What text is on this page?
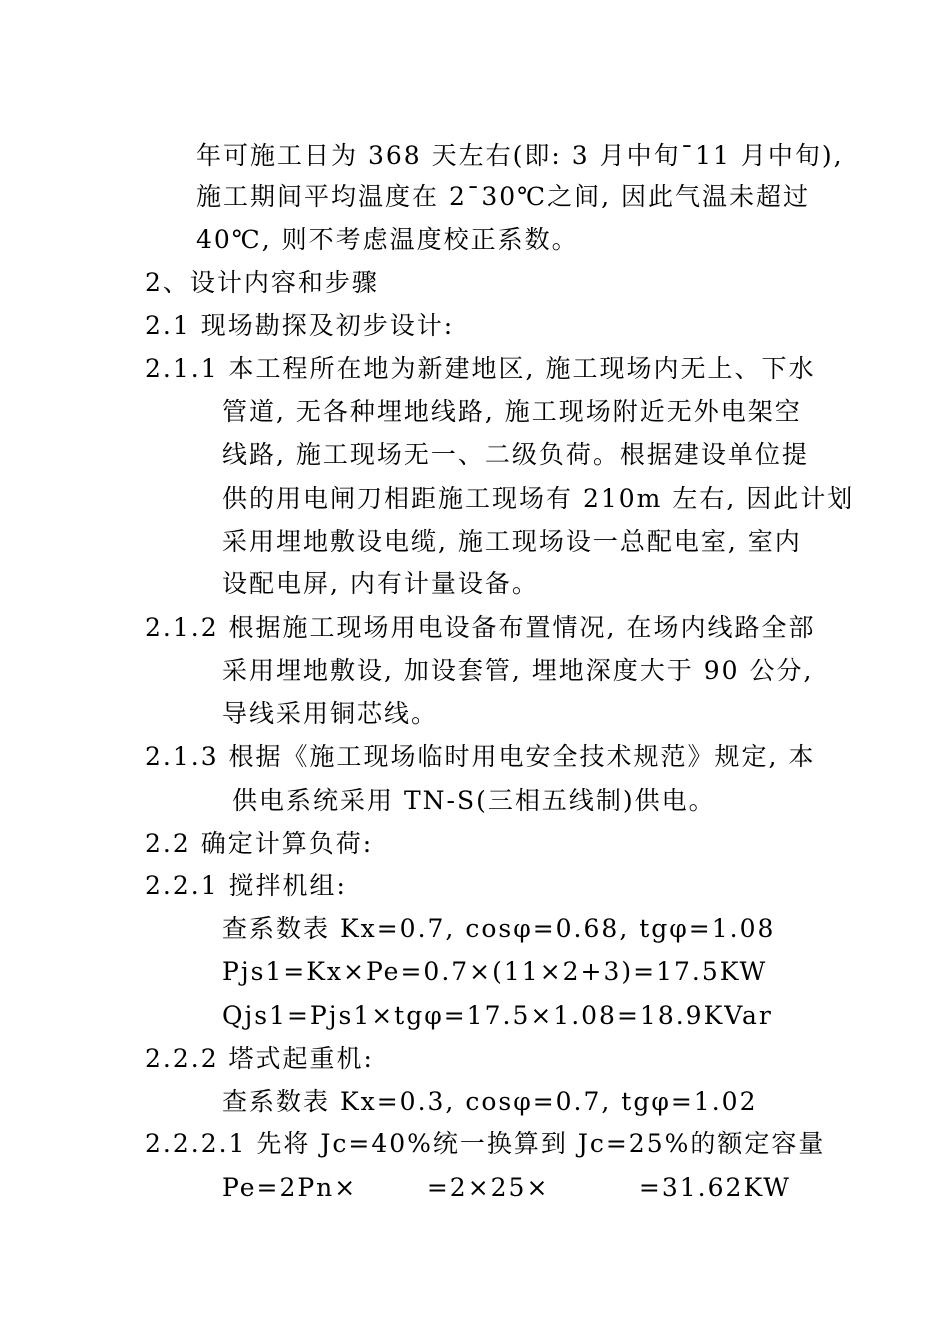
年可施工日为 368 天左右(即: 3 月中旬¯11 月中旬),
施工期间平均温度在 2¯30℃之间, 因此气温未超过
40℃, 则不考虑温度校正系数。
2、设计内容和步骤
2.1 现场勘探及初步设计:
2.1.1 本工程所在地为新建地区, 施工现场内无上、下水
管道, 无各种埋地线路, 施工现场附近无外电架空
线路, 施工现场无一、二级负荷。根据建设单位提
供的用电闸刀相距施工现场有 210m 左右, 因此计划
采用埋地敷设电缆, 施工现场设一总配电室, 室内
设配电屏, 内有计量设备。
2.1.2 根据施工现场用电设备布置情况, 在场内线路全部
采用埋地敷设, 加设套管, 埋地深度大于 90 公分,
导线采用铜芯线。
2.1.3 根据《施工现场临时用电安全技术规范》规定, 本
供电系统采用 TN-S(三相五线制)供电。
2.2 确定计算负荷:
2.2.1 搅拌机组:
查系数表 Kx=0.7, cosφ=0.68, tgφ=1.08
Pjs1=Kx×Pe=0.7×(11×2+3)=17.5KW
Qjs1=Pjs1×tgφ=17.5×1.08=18.9KVar
2.2.2 塔式起重机:
查系数表 Kx=0.3, cosφ=0.7, tgφ=1.02
2.2.2.1 先将 Jc=40%统一换算到 Jc=25%的额定容量
Pe=2Pn×       =2×25×         =31.62KW
